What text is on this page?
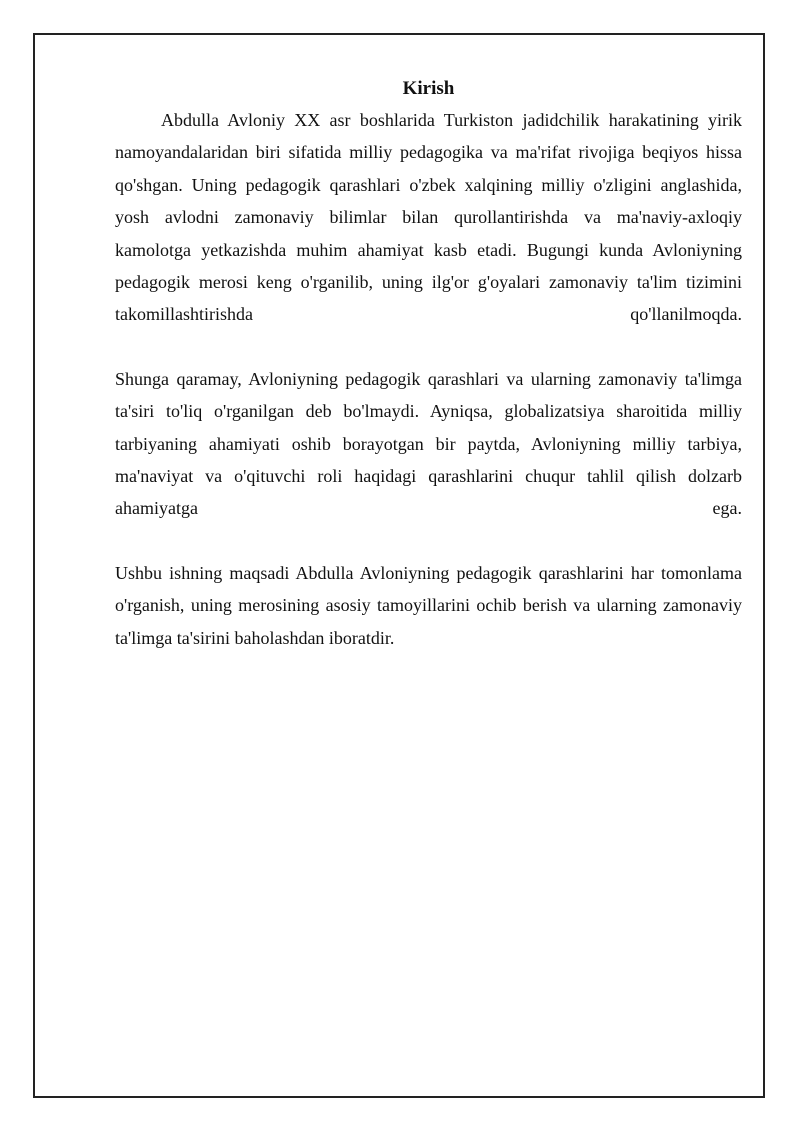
Kirish

Abdulla Avloniy XX asr boshlarida Turkiston jadidchilik harakatining yirik namoyandalaridan biri sifatida milliy pedagogika va ma'rifat rivojiga beqiyos hissa qo'shgan. Uning pedagogik qarashlari o'zbek xalqining milliy o'zligini anglashida, yosh avlodni zamonaviy bilimlar bilan qurollantirishda va ma'naviy-axloqiy kamolotga yetkazishda muhim ahamiyat kasb etadi. Bugungi kunda Avloniyning pedagogik merosi keng o'rganilib, uning ilg'or g'oyalari zamonaviy ta'lim tizimini takomillashtirishda qo'llanilmoqda.

Shunga qaramay, Avloniyning pedagogik qarashlari va ularning zamonaviy ta'limga ta'siri to'liq o'rganilgan deb bo'lmaydi. Ayniqsa, globalizatsiya sharoitida milliy tarbiyaning ahamiyati oshib borayotgan bir paytda, Avloniyning milliy tarbiya, ma'naviyat va o'qituvchi roli haqidagi qarashlarini chuqur tahlil qilish dolzarb ahamiyatga ega.

Ushbu ishning maqsadi Abdulla Avloniyning pedagogik qarashlarini har tomonlama o'rganish, uning merosining asosiy tamoyillarini ochib berish va ularning zamonaviy ta'limga ta'sirini baholashdan iboratdir.
